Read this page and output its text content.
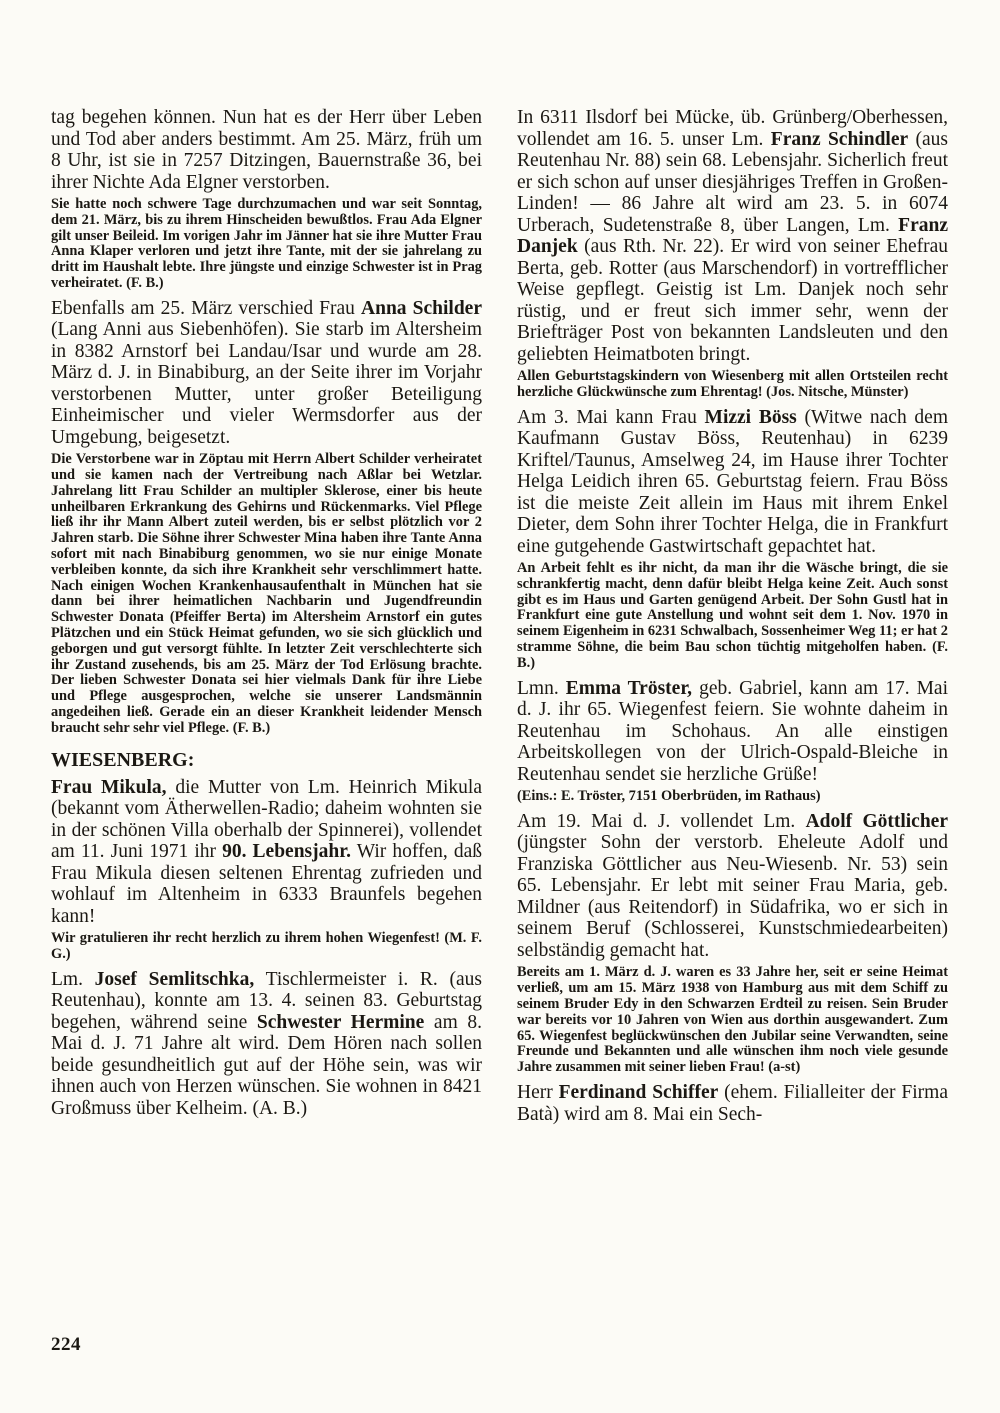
tag begehen können. Nun hat es der Herr über Leben und Tod aber anders bestimmt. Am 25. März, früh um 8 Uhr, ist sie in 7257 Ditzingen, Bauernstraße 36, bei ihrer Nichte Ada Elgner verstorben.

Sie hatte noch schwere Tage durchzumachen und war seit Sonntag, dem 21. März, bis zu ihrem Hinscheiden bewußtlos. Frau Ada Elgner gilt unser Beileid. Im vorigen Jahr im Jänner hat sie ihre Mutter Frau Anna Klaper verloren und jetzt ihre Tante, mit der sie jahrelang zu dritt im Haushalt lebte. Ihre jüngste und einzige Schwester ist in Prag verheiratet. (F. B.)

Ebenfalls am 25. März verschied Frau Anna Schilder (Lang Anni aus Siebenhöfen). Sie starb im Altersheim in 8382 Arnstorf bei Landau/Isar und wurde am 28. März d. J. in Binabiburg, an der Seite ihrer im Vorjahr verstorbenen Mutter, unter großer Beteiligung Einheimischer und vieler Wermsdorfer aus der Umgebung, beigesetzt.

Die Verstorbene war in Zöptau mit Herrn Albert Schilder verheiratet und sie kamen nach der Vertreibung nach Aßlar bei Wetzlar. Jahrelang litt Frau Schilder an multipler Sklerose, einer bis heute unheilbaren Erkrankung des Gehirns und Rückenmarks. Viel Pflege ließ ihr ihr Mann Albert zuteil werden, bis er selbst plötzlich vor 2 Jahren starb. Die Söhne ihrer Schwester Mina haben ihre Tante Anna sofort mit nach Binabiburg genommen, wo sie nur einige Monate verbleiben konnte, da sich ihre Krankheit sehr verschlimmert hatte. Nach einigen Wochen Krankenhausaufenthalt in München hat sie dann bei ihrer heimatlichen Nachbarin und Jugendfreundin Schwester Donata (Pfeiffer Berta) im Altersheim Arnstorf ein gutes Plätzchen und ein Stück Heimat gefunden, wo sie sich glücklich und geborgen und gut versorgt fühlte. In letzter Zeit verschlechterte sich ihr Zustand zusehends, bis am 25. März der Tod Erlösung brachte. Der lieben Schwester Donata sei hier vielmals Dank für ihre Liebe und Pflege ausgesprochen, welche sie unserer Landsmännin angedeihen ließ. Gerade ein an dieser Krankheit leidender Mensch braucht sehr sehr viel Pflege. (F. B.)

WIESENBERG:

Frau Mikula, die Mutter von Lm. Heinrich Mikula (bekannt vom Ätherwellen-Radio; daheim wohnten sie in der schönen Villa oberhalb der Spinnerei), vollendet am 11. Juni 1971 ihr 90. Lebensjahr. Wir hoffen, daß Frau Mikula diesen seltenen Ehrentag zufrieden und wohlauf im Altenheim in 6333 Braunfels begehen kann!

Wir gratulieren ihr recht herzlich zu ihrem hohen Wiegenfest! (M. F. G.)

Lm. Josef Semlitschka, Tischlermeister i. R. (aus Reutenhau), konnte am 13. 4. seinen 83. Geburtstag begehen, während seine Schwester Hermine am 8. Mai d. J. 71 Jahre alt wird. Dem Hören nach sollen beide gesundheitlich gut auf der Höhe sein, was wir ihnen auch von Herzen wünschen. Sie wohnen in 8421 Großmuss über Kelheim. (A. B.)

In 6311 Ilsdorf bei Mücke, üb. Grünberg/Oberhessen, vollendet am 16. 5. unser Lm. Franz Schindler (aus Reutenhau Nr. 88) sein 68. Lebensjahr. Sicherlich freut er sich schon auf unser diesjähriges Treffen in Großen-Linden! — 86 Jahre alt wird am 23. 5. in 6074 Urberach, Sudetenstraße 8, über Langen, Lm. Franz Danjek (aus Rth. Nr. 22). Er wird von seiner Ehefrau Berta, geb. Rotter (aus Marschendorf) in vortrefflicher Weise gepflegt. Geistig ist Lm. Danjek noch sehr rüstig, und er freut sich immer sehr, wenn der Briefträger Post von bekannten Landsleuten und den geliebten Heimatboten bringt.

Allen Geburtstagskindern von Wiesenberg mit allen Ortsteilen recht herzliche Glückwünsche zum Ehrentag! (Jos. Nitsche, Münster)

Am 3. Mai kann Frau Mizzi Böss (Witwe nach dem Kaufmann Gustav Böss, Reutenhau) in 6239 Kriftel/Taunus, Amselweg 24, im Hause ihrer Tochter Helga Leidich ihren 65. Geburtstag feiern. Frau Böss ist die meiste Zeit allein im Haus mit ihrem Enkel Dieter, dem Sohn ihrer Tochter Helga, die in Frankfurt eine gutgehende Gastwirtschaft gepachtet hat.

An Arbeit fehlt es ihr nicht, da man ihr die Wäsche bringt, die sie schrankfertig macht, denn dafür bleibt Helga keine Zeit. Auch sonst gibt es im Haus und Garten genügend Arbeit. Der Sohn Gustl hat in Frankfurt eine gute Anstellung und wohnt seit dem 1. Nov. 1970 in seinem Eigenheim in 6231 Schwalbach, Sossenheimer Weg 11; er hat 2 stramme Söhne, die beim Bau schon tüchtig mitgeholfen haben. (F. B.)

Lmn. Emma Tröster, geb. Gabriel, kann am 17. Mai d. J. ihr 65. Wiegenfest feiern. Sie wohnte daheim in Reutenhau im Schohaus. An alle einstigen Arbeitskollegen von der Ulrich-Ospald-Bleiche in Reutenhau sendet sie herzliche Grüße!

(Eins.: E. Tröster, 7151 Oberbrüden, im Rathaus)

Am 19. Mai d. J. vollendet Lm. Adolf Göttlicher (jüngster Sohn der verstorb. Eheleute Adolf und Franziska Göttlicher aus Neu-Wiesenb. Nr. 53) sein 65. Lebensjahr. Er lebt mit seiner Frau Maria, geb. Mildner (aus Reitendorf) in Südafrika, wo er sich in seinem Beruf (Schlosserei, Kunstschmiedearbeiten) selbständig gemacht hat.

Bereits am 1. März d. J. waren es 33 Jahre her, seit er seine Heimat verließ, um am 15. März 1938 von Hamburg aus mit dem Schiff zu seinem Bruder Edy in den Schwarzen Erdteil zu reisen. Sein Bruder war bereits vor 10 Jahren von Wien aus dorthin ausgewandert. Zum 65. Wiegenfest beglückwünschen den Jubilar seine Verwandten, seine Freunde und Bekannten und alle wünschen ihm noch viele gesunde Jahre zusammen mit seiner lieben Frau! (a-st)

Herr Ferdinand Schiffer (ehem. Filialleiter der Firma Batà) wird am 8. Mai ein Sech-

224
